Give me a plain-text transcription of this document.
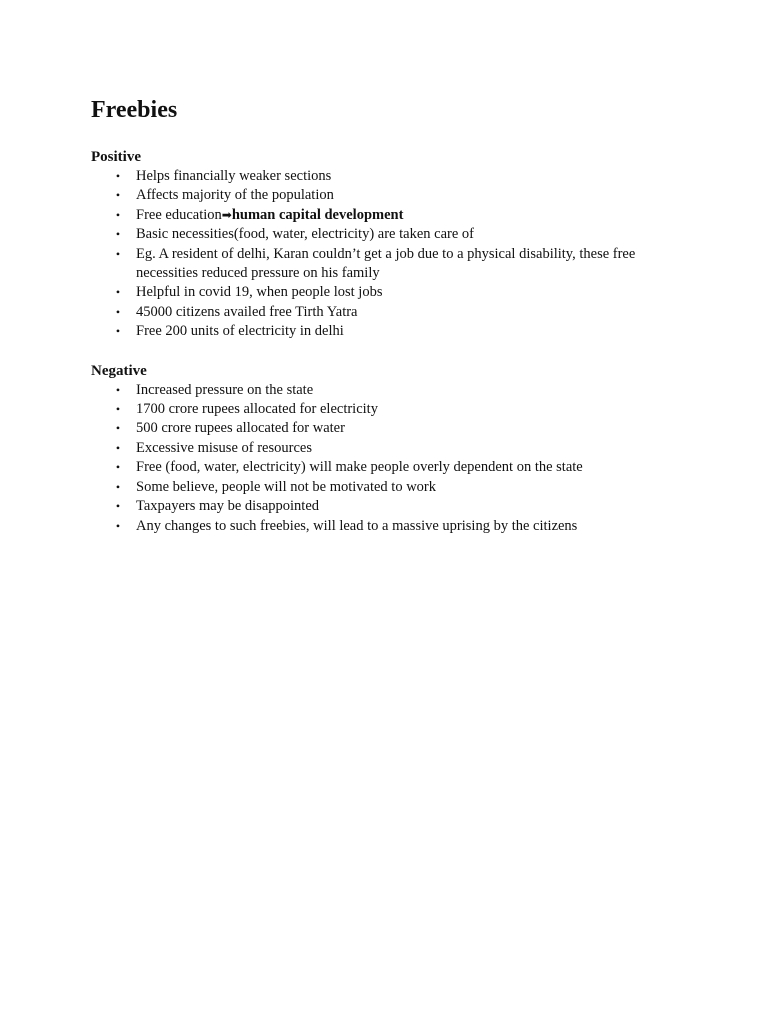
Freebies

Positive

• Helps financially weaker sections
• Affects majority of the population
• Free education➡human capital development
• Basic necessities(food, water, electricity) are taken care of
• Eg. A resident of delhi, Karan couldn’t get a job due to a physical disability, these free necessities reduced pressure on his family
• Helpful in covid 19, when people lost jobs
• 45000 citizens availed free Tirth Yatra
• Free 200 units of electricity in delhi

Negative

• Increased pressure on the state
• 1700 crore rupees allocated for electricity
• 500 crore rupees allocated for water
• Excessive misuse of resources
• Free (food, water, electricity) will make people overly dependent on the state
• Some believe, people will not be motivated to work
• Taxpayers may be disappointed
• Any changes to such freebies, will lead to a massive uprising by the citizens
